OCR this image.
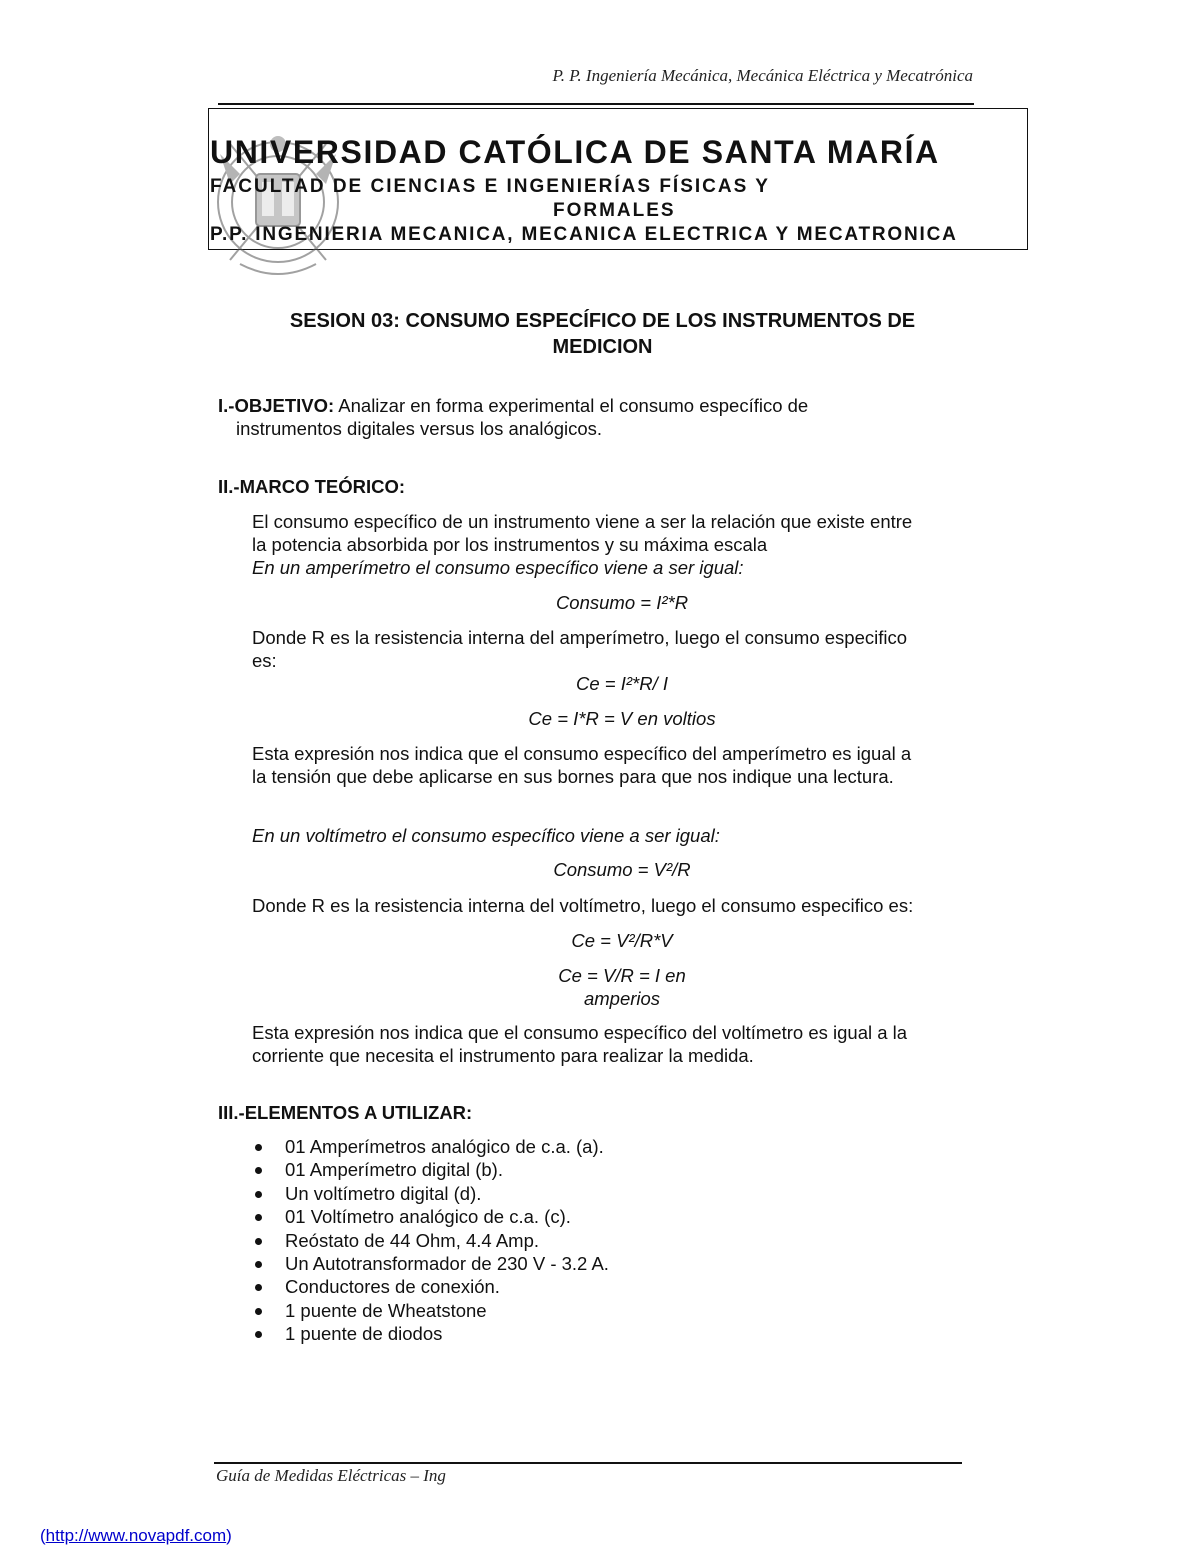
P. P. Ingeniería Mecánica, Mecánica Eléctrica y Mecatrónica
UNIVERSIDAD CATÓLICA DE SANTA MARÍA
FACULTAD DE CIENCIAS E INGENIERÍAS FÍSICAS Y
FORMALES
P.P. INGENIERIA MECANICA, MECANICA ELECTRICA Y MECATRONICA
SESION 03: CONSUMO ESPECÍFICO DE LOS INSTRUMENTOS DE
MEDICION
I.-OBJETIVO: Analizar en forma experimental el consumo específico de
instrumentos digitales versus los analógicos.
II.-MARCO TEÓRICO:
El consumo específico de un instrumento viene a ser la relación que existe entre
la potencia absorbida por los instrumentos y su máxima escala
En un amperímetro el consumo específico viene a ser igual:
Consumo = I²*R
Donde R es la resistencia interna del amperímetro, luego el consumo especifico
es:
Ce = I²*R/ I
Ce = I*R = V en voltios
Esta expresión nos indica que el consumo específico del amperímetro es igual a
la tensión que debe aplicarse en sus bornes para que nos indique una lectura.
En un voltímetro el consumo específico viene a ser igual:
Consumo = V²/R
Donde R es la resistencia interna del voltímetro, luego el consumo especifico es:
Ce = V²/R*V
Ce = V/R = I en
amperios
Esta expresión nos indica que el consumo específico del voltímetro es igual a la
corriente que necesita el instrumento para realizar la medida.
III.-ELEMENTOS A UTILIZAR:
01 Amperímetros analógico de c.a. (a).
01 Amperímetro digital (b).
Un voltímetro digital (d).
01 Voltímetro analógico de c.a. (c).
Reóstato de 44 Ohm, 4.4 Amp.
Un Autotransformador de 230 V - 3.2 A.
Conductores de conexión.
1 puente de Wheatstone
1 puente de diodos
Guía de Medidas Eléctricas – Ing
(http://www.novapdf.com)
